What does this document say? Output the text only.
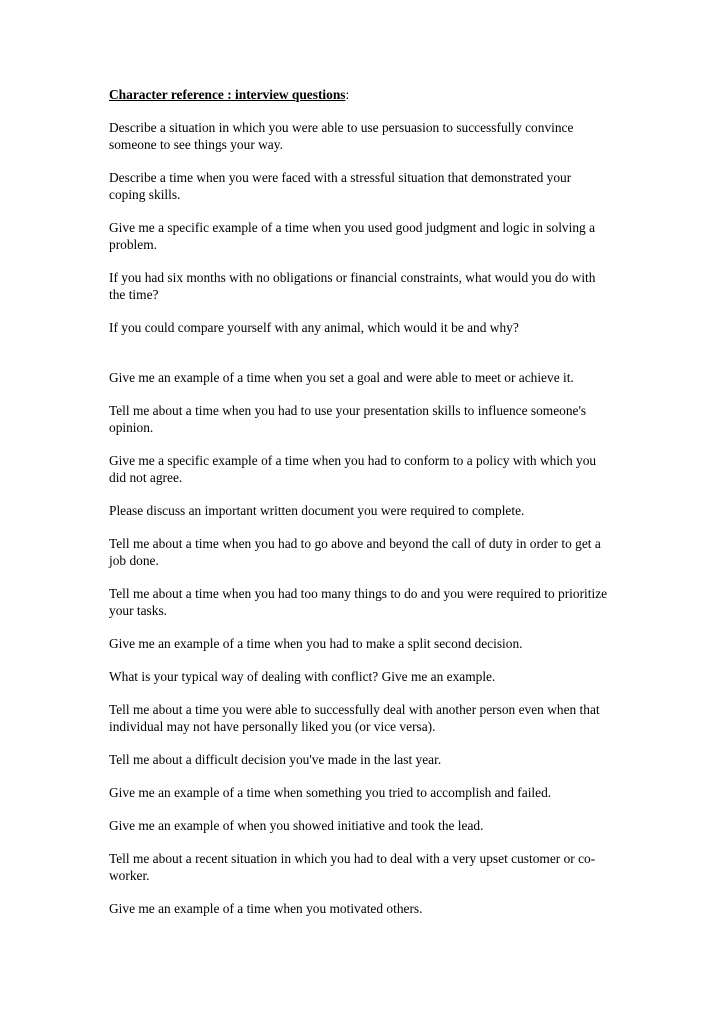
Character reference : interview questions:

Describe a situation in which you were able to use persuasion to successfully convince someone to see things your way.

Describe a time when you were faced with a stressful situation that demonstrated your coping skills.

Give me a specific example of a time when you used good judgment and logic in solving a problem.

If you had six months with no obligations or financial constraints, what would you do with the time?

If you could compare yourself with any animal, which would it be and why?

Give me an example of a time when you set a goal and were able to meet or achieve it.

Tell me about a time when you had to use your presentation skills to influence someone's opinion.

Give me a specific example of a time when you had to conform to a policy with which you did not agree.

Please discuss an important written document you were required to complete.

Tell me about a time when you had to go above and beyond the call of duty in order to get a job done.

Tell me about a time when you had too many things to do and you were required to prioritize your tasks.

Give me an example of a time when you had to make a split second decision.

What is your typical way of dealing with conflict? Give me an example.

Tell me about a time you were able to successfully deal with another person even when that individual may not have personally liked you (or vice versa).

Tell me about a difficult decision you've made in the last year.

Give me an example of a time when something you tried to accomplish and failed.

Give me an example of when you showed initiative and took the lead.

Tell me about a recent situation in which you had to deal with a very upset customer or co-worker.

Give me an example of a time when you motivated others.
